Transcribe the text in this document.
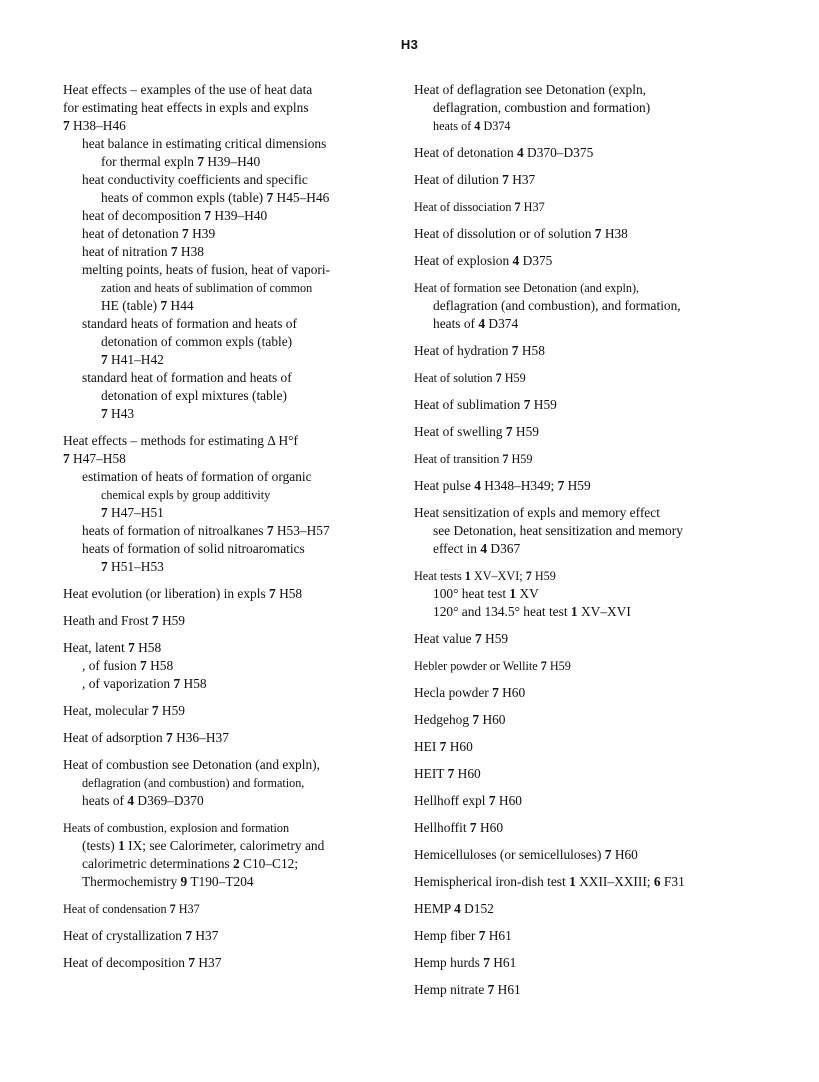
H3
Heat effects – examples of the use of heat data
for estimating heat effects in expls and explns
7 H38–H46
heat balance in estimating critical dimensions
for thermal expln 7 H39–H40
heat conductivity coefficients and specific
heats of common expls (table) 7 H45–H46
heat of decomposition 7 H39–H40
heat of detonation 7 H39
heat of nitration 7 H38
melting points, heats of fusion, heat of vapori-
zation and heats of sublimation of common
HE (table) 7 H44
standard heats of formation and heats of
detonation of common expls (table)
7 H41–H42
standard heat of formation and heats of
detonation of expl mixtures (table)
7 H43
Heat effects – methods for estimating Δ H°f
7 H47–H58
estimation of heats of formation of organic
chemical expls by group additivity
7 H47–H51
heats of formation of nitroalkanes 7 H53–H57
heats of formation of solid nitroaromatics
7 H51–H53
Heat evolution (or liberation) in expls 7 H58
Heath and Frost 7 H59
Heat, latent 7 H58
, of fusion 7 H58
, of vaporization 7 H58
Heat, molecular 7 H59
Heat of adsorption 7 H36–H37
Heat of combustion see Detonation (and expln),
deflagration (and combustion) and formation,
heats of 4 D369–D370
Heats of combustion, explosion and formation
(tests) 1 IX; see Calorimeter, calorimetry and
calorimetric determinations 2 C10–C12;
Thermochemistry 9 T190–T204
Heat of condensation 7 H37
Heat of crystallization 7 H37
Heat of decomposition 7 H37
Heat of deflagration see Detonation (expln,
deflagration, combustion and formation)
heats of 4 D374
Heat of detonation 4 D370–D375
Heat of dilution 7 H37
Heat of dissociation 7 H37
Heat of dissolution or of solution 7 H38
Heat of explosion 4 D375
Heat of formation see Detonation (and expln),
deflagration (and combustion), and formation,
heats of 4 D374
Heat of hydration 7 H58
Heat of solution 7 H59
Heat of sublimation 7 H59
Heat of swelling 7 H59
Heat of transition 7 H59
Heat pulse 4 H348–H349; 7 H59
Heat sensitization of expls and memory effect
see Detonation, heat sensitization and memory
effect in 4 D367
Heat tests 1 XV–XVI; 7 H59
100° heat test 1 XV
120° and 134.5° heat test 1 XV–XVI
Heat value 7 H59
Hebler powder or Wellite 7 H59
Hecla powder 7 H60
Hedgehog 7 H60
HEI 7 H60
HEIT 7 H60
Hellhoff expl 7 H60
Hellhoffit 7 H60
Hemicelluloses (or semicelluloses) 7 H60
Hemispherical iron-dish test 1 XXII–XXIII; 6 F31
HEMP 4 D152
Hemp fiber 7 H61
Hemp hurds 7 H61
Hemp nitrate 7 H61
